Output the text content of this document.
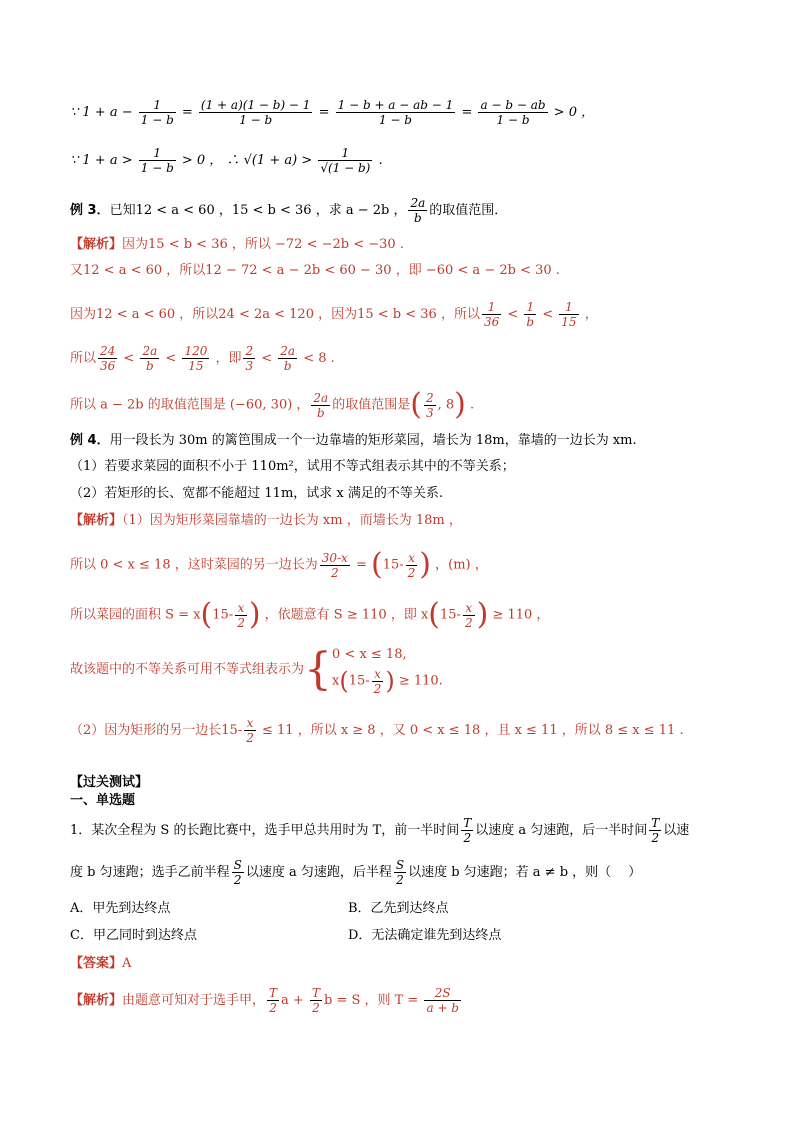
∵ $1 + a - \frac{1}{1 - b} = \frac{(1 + a)(1 - b) - 1}{1 - b} = \frac{1 - b + a - ab - 1}{1 - b} = \frac{a - b - ab}{1 - b} > 0$ ，
∵ $1 + a > \frac{1}{1 - b} > 0$ ， ∴ $√(1 + a) > \frac{1}{√(1 - b)}$ .
例 3．已知12 < a < 60 ，15 < b < 36 ，求 a − 2b ， $\frac{2a}{b}$ 的取值范围．
【解析】因为15 < b < 36 ，所以 −72 < −2b < −30 .
又12 < a < 60 ，所以12 − 72 < a − 2b < 60 − 30 ，即 −60 < a − 2b < 30 .
因为12 < a < 60 ，所以24 < 2a < 120 ，因为15 < b < 36 ，所以 $\frac{1}{36} < \frac{1}{b} < \frac{1}{15}$ ，
所以 $\frac{24}{36} < \frac{2a}{b} < \frac{120}{15}$ ，即 $\frac{2}{3} < \frac{2a}{b} < 8$ .
所以 a − 2b 的取值范围是 (−60, 30) ， $\frac{2a}{b}$ 的取值范围是( $\frac{2}{3}$ , 8) .
例 4．用一段长为 30m 的篱笆围成一个一边靠墙的矩形菜园，墙长为 18m，靠墙的一边长为 xm.
（1）若要求菜园的面积不小于 110m²，试用不等式组表示其中的不等关系；
（2）若矩形的长、宽都不能超过 11m，试求 x 满足的不等关系.
【解析】（1）因为矩形菜园靠墙的一边长为 xm ，而墙长为 18m ，
所以 0 < x ≤ 18 ，这时菜园的另一边长为 $\frac{30-x}{2} = (15- \frac{x}{2}$ ) ，(m) ，
所以菜园的面积 $S = x(15- \frac{x}{2}$ ) ，依题意有 S ≥ 110 ，即 $x(15- \frac{x}{2}$ ) ≥ 110 ，
故该题中的不等关系可用不等式组表示为{ 0 < x ≤ 18,
$x(15- \frac{x}{2}$ ) ≥ 110.
（2）因为矩形的另一边长$15- \frac{x}{2} \le 11$ ，所以 x ≥ 8 ，又 0 < x ≤ 18 ，且 x ≤ 11 ，所以 8 ≤ x ≤ 11 .
【过关测试】
一、单选题
1．某次全程为 S 的长跑比赛中，选手甲总共用时为 T，前一半时间 $\frac{T}{2}$ 以速度 a 匀速跑，后一半时间 $\frac{T}{2}$ 以速
度 b 匀速跑；选手乙前半程 $\frac{S}{2}$ 以速度 a 匀速跑，后半程 $\frac{S}{2}$ 以速度 b 匀速跑；若 a ≠ b ，则（　 ）
A．甲先到达终点	B．乙先到达终点
C．甲乙同时到达终点	D．无法确定谁先到达终点
【答案】A
【解析】由题意可知对于选手甲， $\frac{T}{2}$ $a + \frac{T}{2}$ b = S ，则 $T = \frac{2S}{a + b}$
